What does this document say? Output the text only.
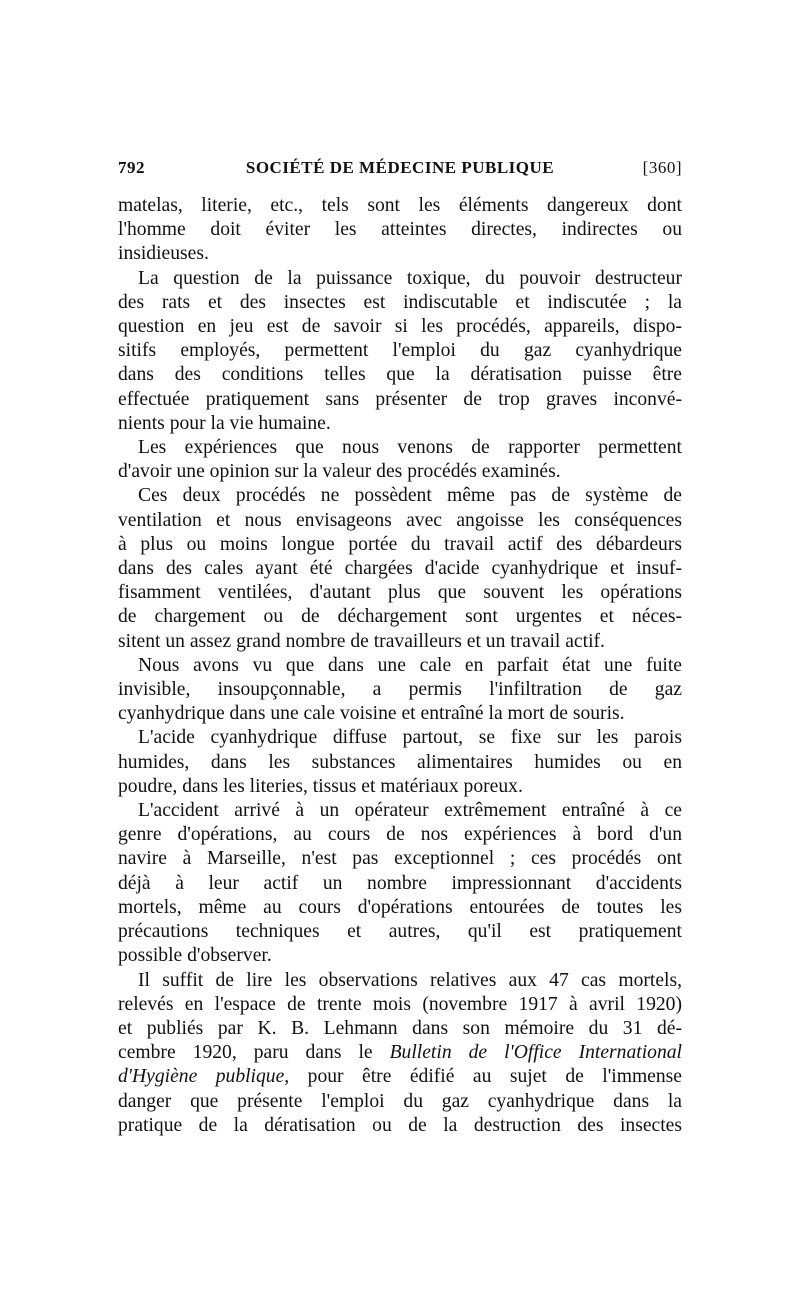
792	SOCIÉTÉ DE MÉDECINE PUBLIQUE	[360]

matelas, literie, etc., tels sont les éléments dangereux dont
l'homme doit éviter les atteintes directes, indirectes ou
insidieuses.

La question de la puissance toxique, du pouvoir destructeur
des rats et des insectes est indiscutable et indiscutée ; la
question en jeu est de savoir si les procédés, appareils, dispo-
sitifs employés, permettent l'emploi du gaz cyanhydrique
dans des conditions telles que la dératisation puisse être
effectuée pratiquement sans présenter de trop graves inconvé-
nients pour la vie humaine.

Les expériences que nous venons de rapporter permettent
d'avoir une opinion sur la valeur des procédés examinés.

Ces deux procédés ne possèdent même pas de système de
ventilation et nous envisageons avec angoisse les conséquences
à plus ou moins longue portée du travail actif des débardeurs
dans des cales ayant été chargées d'acide cyanhydrique et insuf-
fisamment ventilées, d'autant plus que souvent les opérations
de chargement ou de déchargement sont urgentes et néces-
sitent un assez grand nombre de travailleurs et un travail actif.

Nous avons vu que dans une cale en parfait état une fuite
invisible, insoupçonnable, a permis l'infiltration de gaz
cyanhydrique dans une cale voisine et entraîné la mort de souris.

L'acide cyanhydrique diffuse partout, se fixe sur les parois
humides, dans les substances alimentaires humides ou en
poudre, dans les literies, tissus et matériaux poreux.

L'accident arrivé à un opérateur extrêmement entraîné à ce
genre d'opérations, au cours de nos expériences à bord d'un
navire à Marseille, n'est pas exceptionnel ; ces procédés ont
déjà à leur actif un nombre impressionnant d'accidents
mortels, même au cours d'opérations entourées de toutes les
précautions techniques et autres, qu'il est pratiquement
possible d'observer.

Il suffit de lire les observations relatives aux 47 cas mortels,
relevés en l'espace de trente mois (novembre 1917 à avril 1920)
et publiés par K. B. Lehmann dans son mémoire du 31 dé-
cembre 1920, paru dans le Bulletin de l'Office International
d'Hygiène publique, pour être édifié au sujet de l'immense
danger que présente l'emploi du gaz cyanhydrique dans la
pratique de la dératisation ou de la destruction des insectes
